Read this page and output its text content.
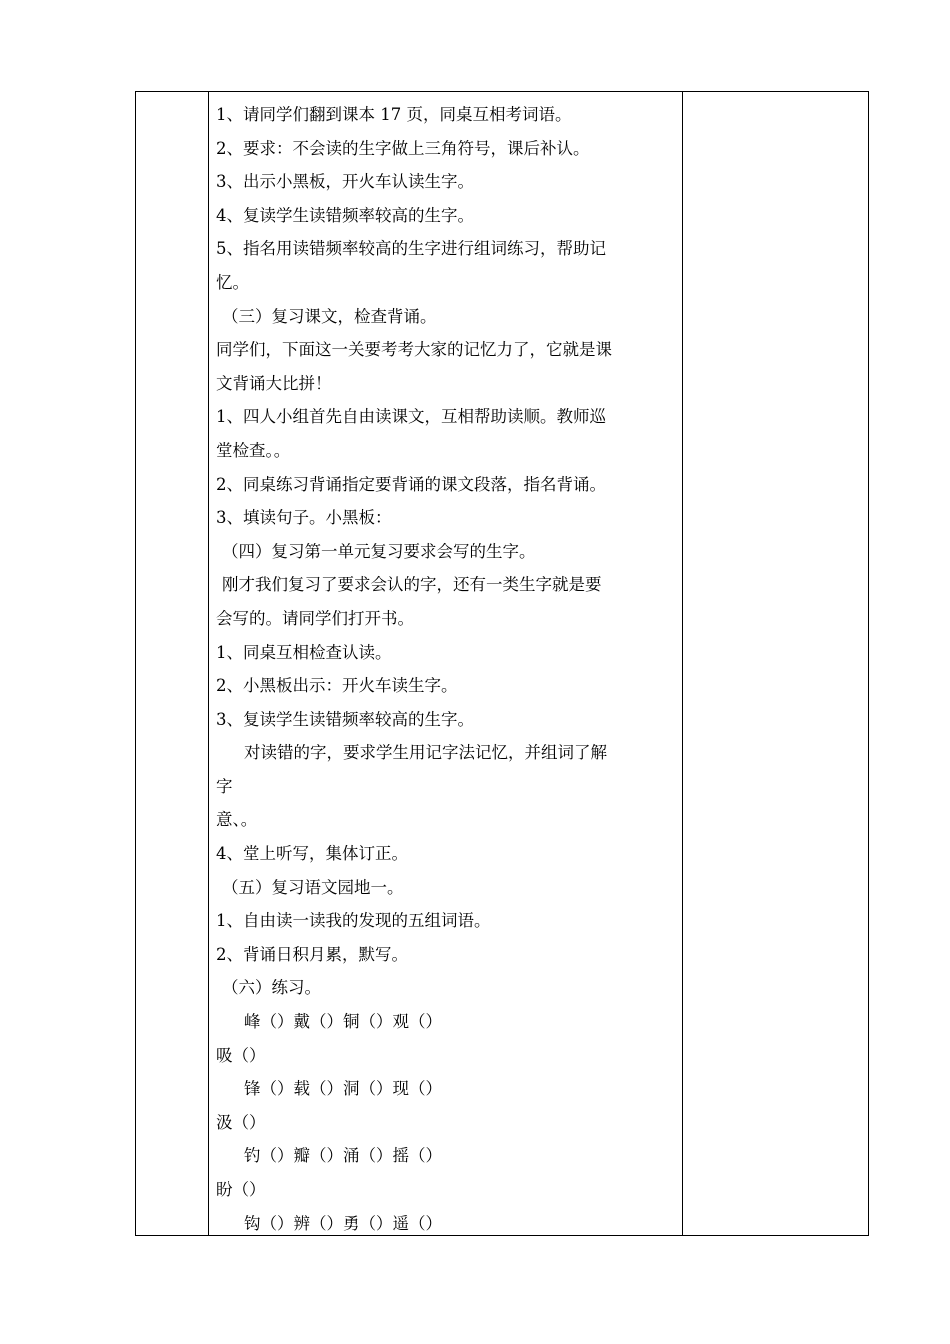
1、请同学们翻到课本 17 页，同桌互相考词语。
2、要求：不会读的生字做上三角符号，课后补认。
3、出示小黑板，开火车认读生字。
4、复读学生读错频率较高的生字。
5、指名用读错频率较高的生字进行组词练习，帮助记
忆。
（三）复习课文，检查背诵。
同学们，下面这一关要考考大家的记忆力了，它就是课
文背诵大比拼！
1、四人小组首先自由读课文，互相帮助读顺。教师巡
堂检查。。
2、同桌练习背诵指定要背诵的课文段落，指名背诵。
3、填读句子。小黑板：
（四）复习第一单元复习要求会写的生字。
刚才我们复习了要求会认的字，还有一类生字就是要
会写的。请同学们打开书。
1、同桌互相检查认读。
2、小黑板出示：开火车读生字。
3、复读学生读错频率较高的生字。
对读错的字，要求学生用记字法记忆，并组词了解
字
意、。
4、堂上听写，集体订正。
（五）复习语文园地一。
1、自由读一读我的发现的五组词语。
2、背诵日积月累，默写。
（六）练习。
峰（）戴（）铜（）观（）
吸（）
锋（）载（）洞（）现（）
汲（）
钓（）瓣（）涌（）摇（）
盼（）
钩（）辨（）勇（）遥（）
